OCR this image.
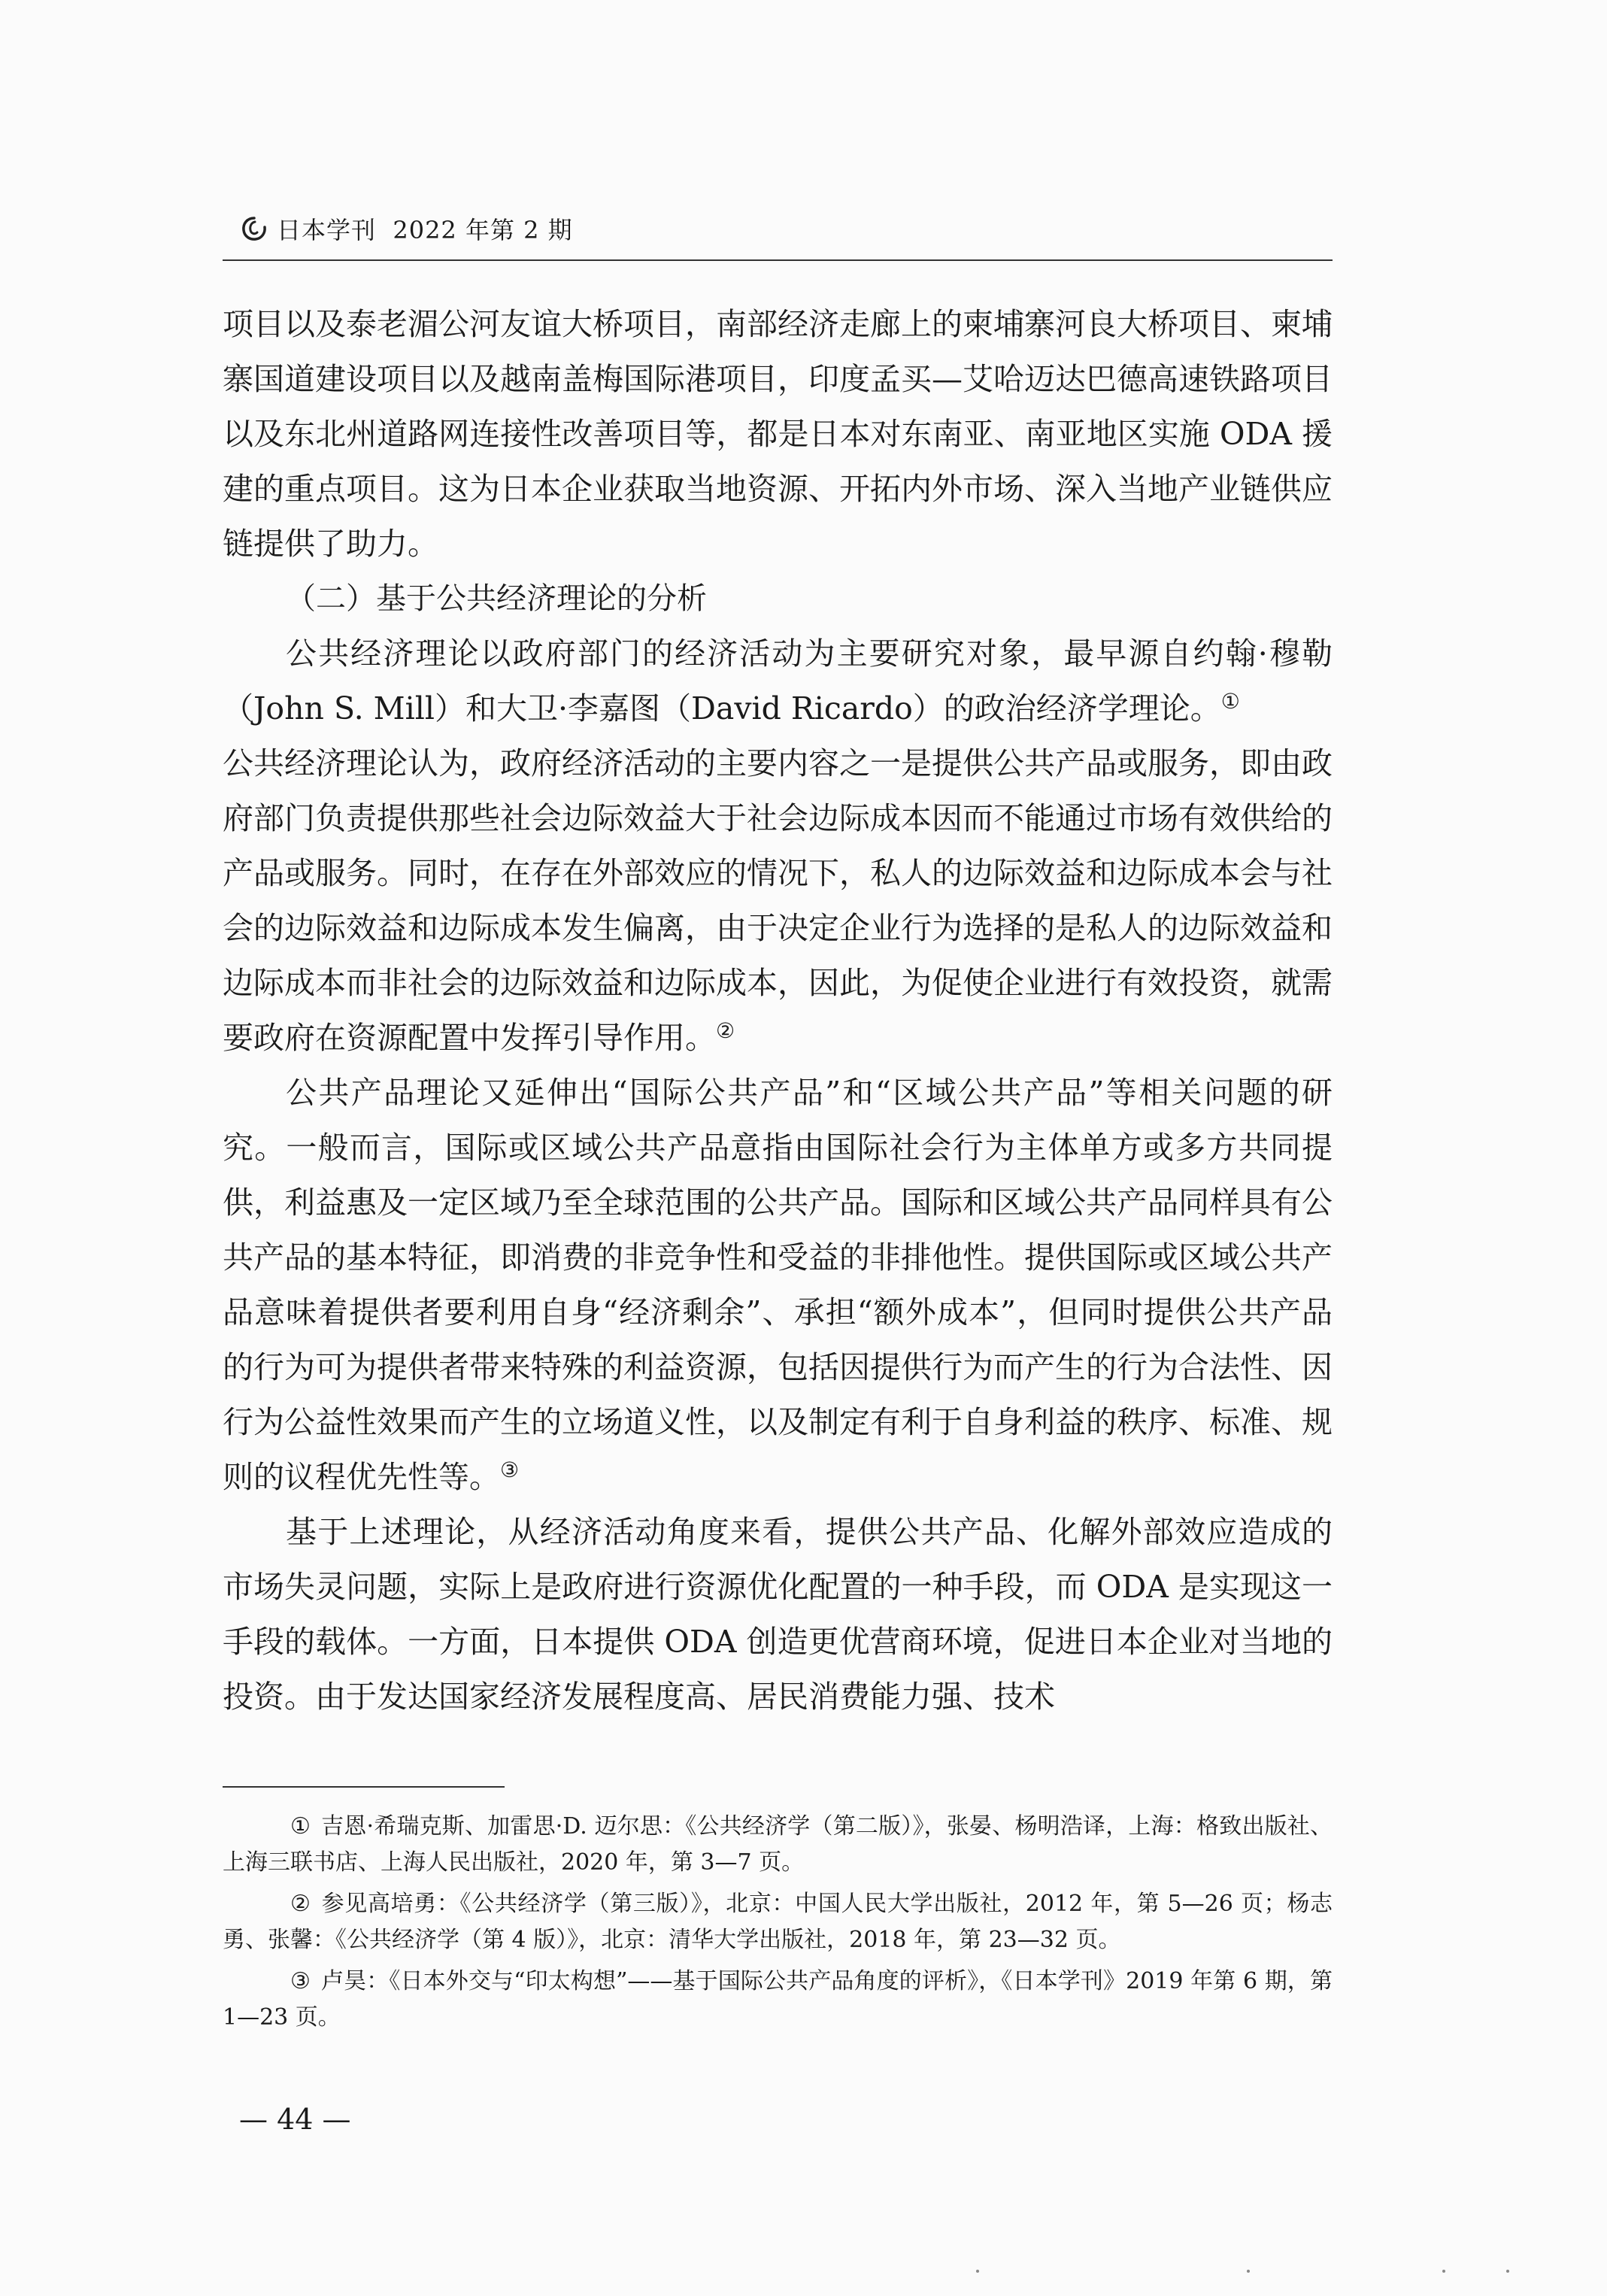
日本学刊  2022 年第 2 期

项目以及泰老湄公河友谊大桥项目，南部经济走廊上的柬埔寨河良大桥项目、柬埔寨国道建设项目以及越南盖梅国际港项目，印度孟买—艾哈迈达巴德高速铁路项目以及东北州道路网连接性改善项目等，都是日本对东南亚、南亚地区实施 ODA 援建的重点项目。这为日本企业获取当地资源、开拓内外市场、深入当地产业链供应链提供了助力。

（二）基于公共经济理论的分析

公共经济理论以政府部门的经济活动为主要研究对象，最早源自约翰·穆勒（John S. Mill）和大卫·李嘉图（David Ricardo）的政治经济学理论。①

公共经济理论认为，政府经济活动的主要内容之一是提供公共产品或服务，即由政府部门负责提供那些社会边际效益大于社会边际成本因而不能通过市场有效供给的产品或服务。同时，在存在外部效应的情况下，私人的边际效益和边际成本会与社会的边际效益和边际成本发生偏离，由于决定企业行为选择的是私人的边际效益和边际成本而非社会的边际效益和边际成本，因此，为促使企业进行有效投资，就需要政府在资源配置中发挥引导作用。②

公共产品理论又延伸出“国际公共产品”和“区域公共产品”等相关问题的研究。一般而言，国际或区域公共产品意指由国际社会行为主体单方或多方共同提供，利益惠及一定区域乃至全球范围的公共产品。国际和区域公共产品同样具有公共产品的基本特征，即消费的非竞争性和受益的非排他性。提供国际或区域公共产品意味着提供者要利用自身“经济剩余”、承担“额外成本”，但同时提供公共产品的行为可为提供者带来特殊的利益资源，包括因提供行为而产生的行为合法性、因行为公益性效果而产生的立场道义性，以及制定有利于自身利益的秩序、标准、规则的议程优先性等。③

基于上述理论，从经济活动角度来看，提供公共产品、化解外部效应造成的市场失灵问题，实际上是政府进行资源优化配置的一种手段，而 ODA 是实现这一手段的载体。一方面，日本提供 ODA 创造更优营商环境，促进日本企业对当地的投资。由于发达国家经济发展程度高、居民消费能力强、技术

① 吉恩·希瑞克斯、加雷思·D. 迈尔思：《公共经济学（第二版）》，张晏、杨明浩译，上海：格致出版社、上海三联书店、上海人民出版社，2020 年，第 3—7 页。

② 参见高培勇：《公共经济学（第三版）》，北京：中国人民大学出版社，2012 年，第 5—26 页；杨志勇、张馨：《公共经济学（第 4 版）》，北京：清华大学出版社，2018 年，第 23—32 页。

③ 卢昊：《日本外交与“印太构想”——基于国际公共产品角度的评析》，《日本学刊》2019 年第 6 期，第 1—23 页。

— 44 —
